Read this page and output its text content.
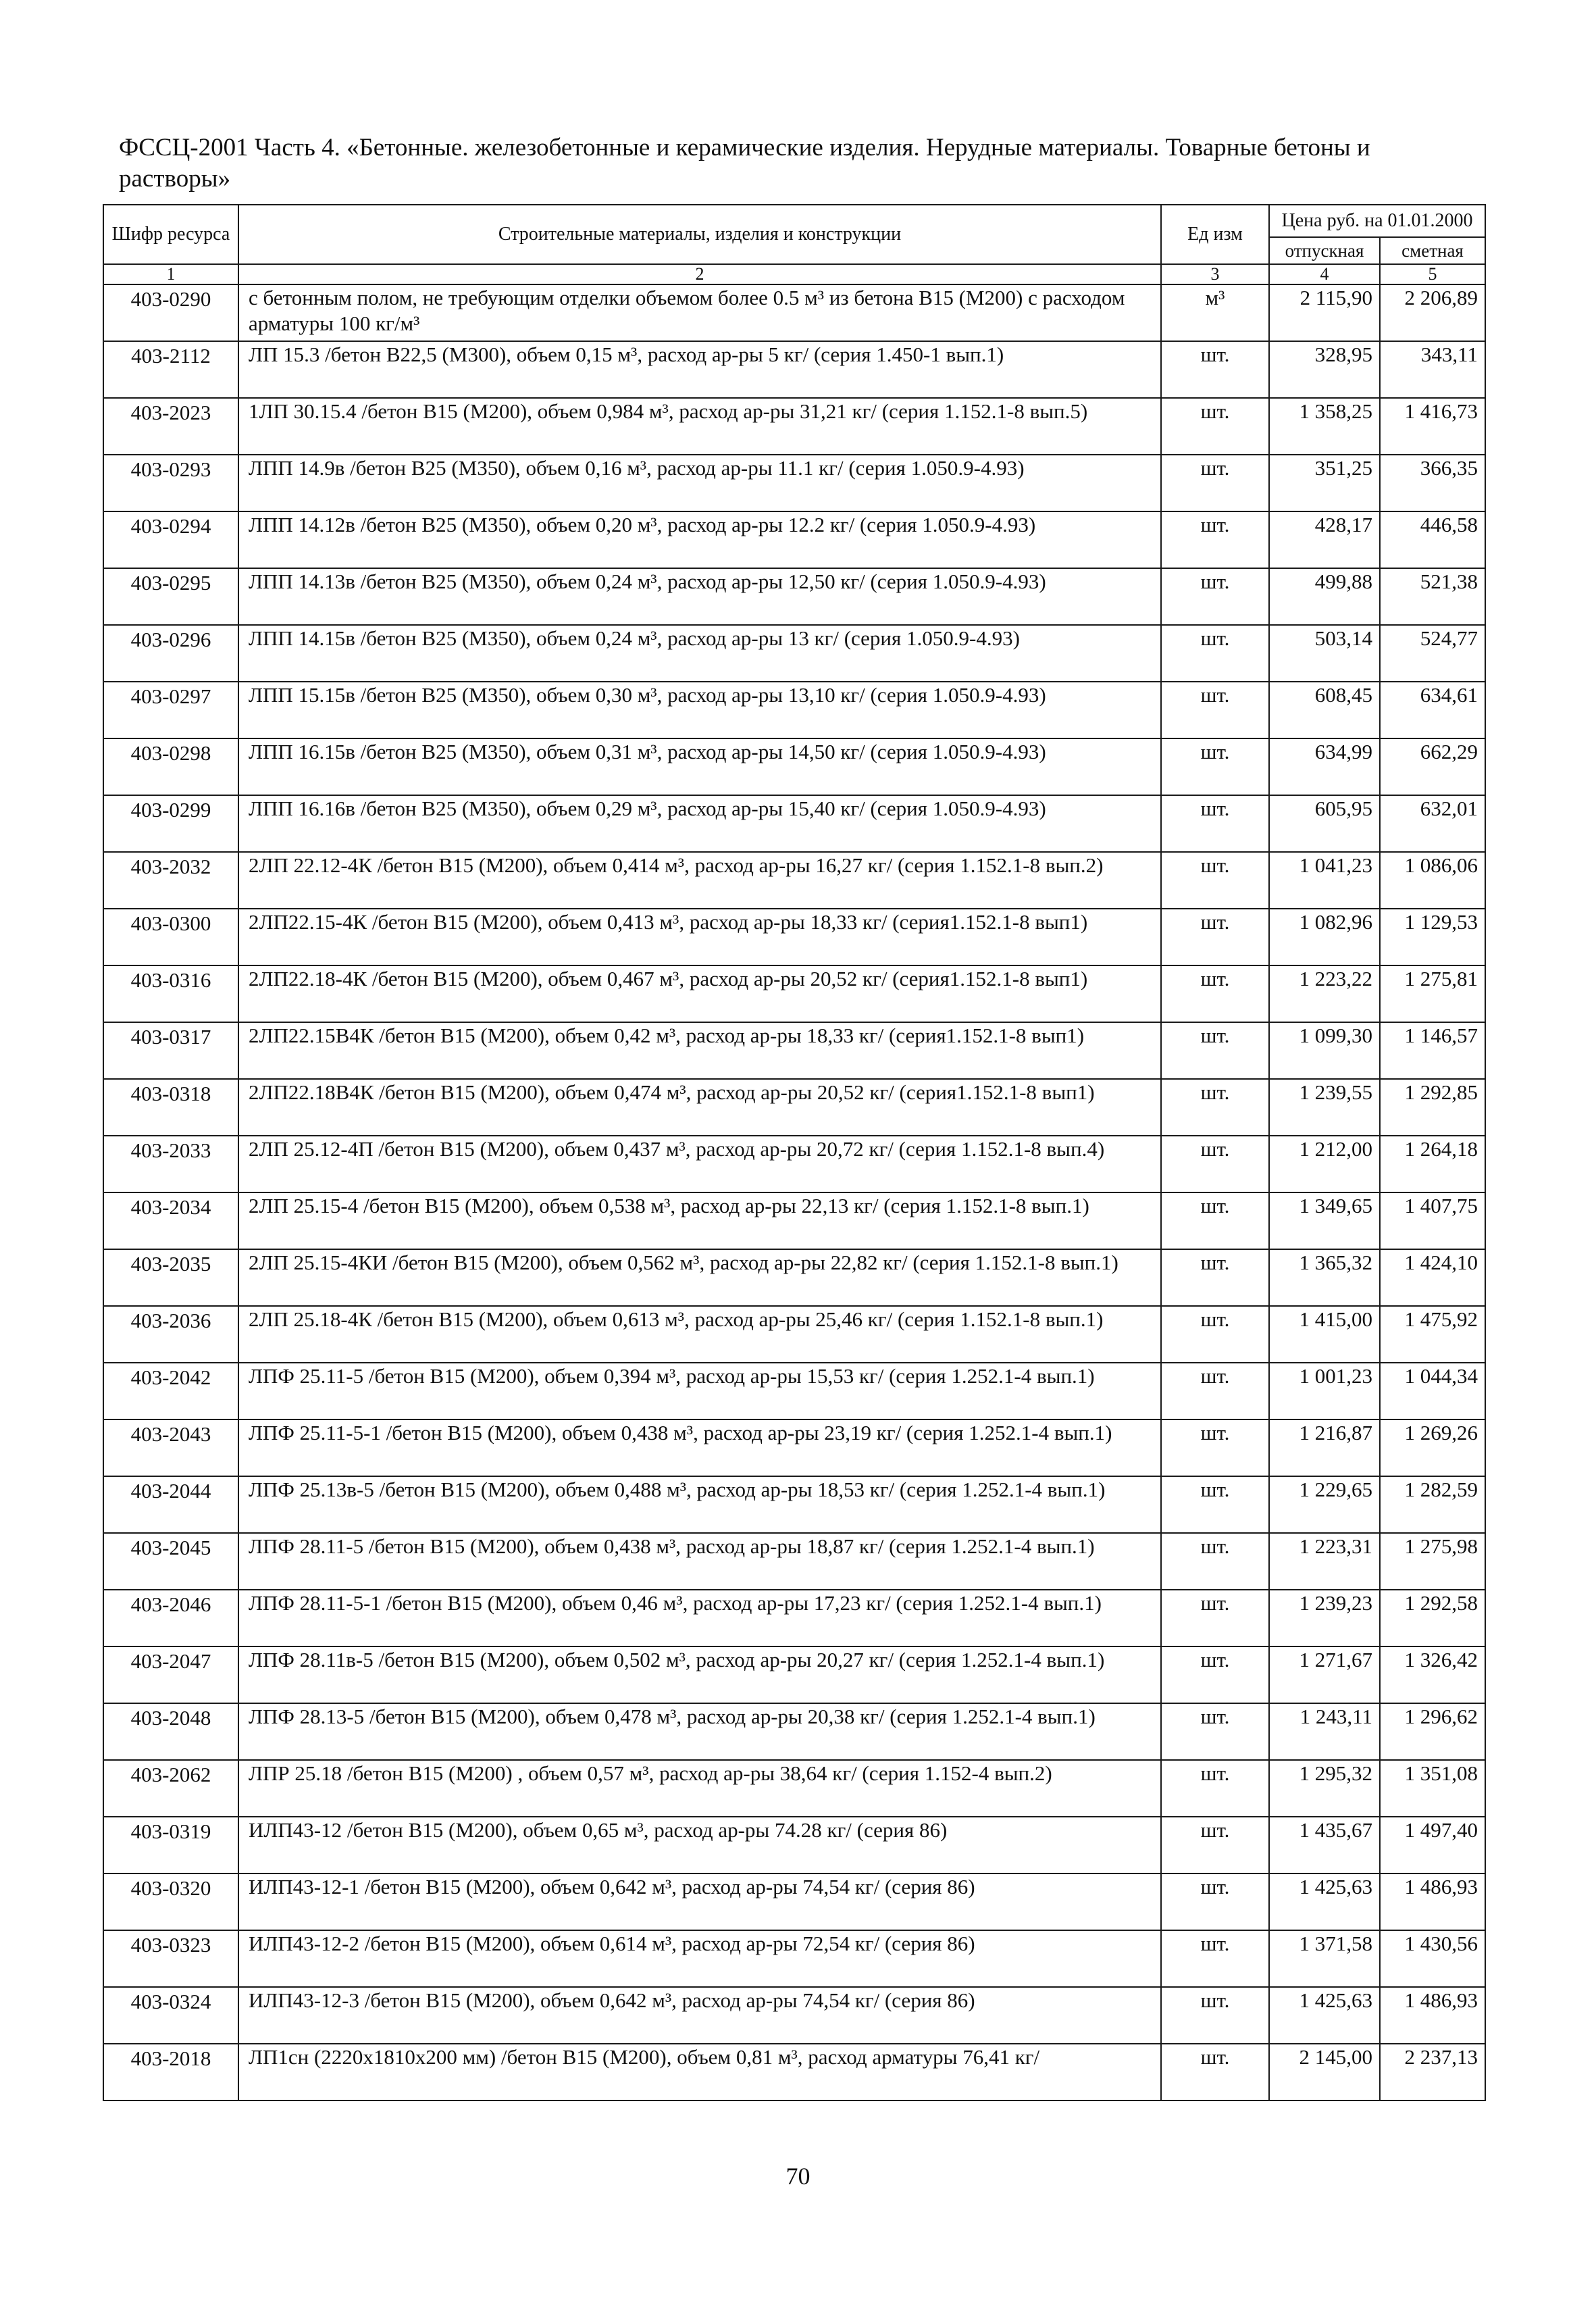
ФССЦ-2001 Часть 4. «Бетонные. железобетонные и керамические изделия. Нерудные материалы. Товарные бетоны и растворы»
Шифр ресурса	Строительные материалы, изделия и конструкции	Ед изм	Цена руб. на 01.01.2000	
			отпускная	сметная
1	2	3	4	5
403-0290	с бетонным полом, не требующим отделки объемом более 0.5 м³ из бетона В15 (М200) с расходом арматуры 100 кг/м³	м³	2 115,90	2 206,89
403-2112	ЛП 15.3 /бетон В22,5 (М300), объем 0,15 м³, расход ар-ры 5 кг/ (серия 1.450-1 вып.1)	шт.	328,95	343,11
403-2023	1ЛП 30.15.4 /бетон В15 (М200), объем 0,984 м³, расход ар-ры 31,21 кг/ (серия 1.152.1-8 вып.5)	шт.	1 358,25	1 416,73
403-0293	ЛПП 14.9в /бетон В25 (М350), объем 0,16 м³, расход ар-ры 11.1 кг/ (серия 1.050.9-4.93)	шт.	351,25	366,35
403-0294	ЛПП 14.12в /бетон В25 (М350), объем 0,20 м³, расход ар-ры 12.2 кг/ (серия 1.050.9-4.93)	шт.	428,17	446,58
403-0295	ЛПП 14.13в /бетон В25 (М350), объем 0,24 м³, расход ар-ры 12,50 кг/ (серия 1.050.9-4.93)	шт.	499,88	521,38
403-0296	ЛПП 14.15в /бетон В25 (М350), объем 0,24 м³, расход ар-ры 13 кг/ (серия 1.050.9-4.93)	шт.	503,14	524,77
403-0297	ЛПП 15.15в /бетон В25 (М350), объем 0,30 м³, расход ар-ры 13,10 кг/ (серия 1.050.9-4.93)	шт.	608,45	634,61
403-0298	ЛПП 16.15в /бетон В25 (М350), объем 0,31 м³, расход ар-ры 14,50 кг/ (серия 1.050.9-4.93)	шт.	634,99	662,29
403-0299	ЛПП 16.16в /бетон В25 (М350), объем 0,29 м³, расход ар-ры 15,40 кг/ (серия 1.050.9-4.93)	шт.	605,95	632,01
403-2032	2ЛП 22.12-4К /бетон В15 (М200), объем 0,414 м³, расход ар-ры 16,27 кг/ (серия 1.152.1-8 вып.2)	шт.	1 041,23	1 086,06
403-0300	2ЛП22.15-4К /бетон В15 (М200), объем 0,413 м³, расход ар-ры 18,33 кг/ (серия1.152.1-8 вып1)	шт.	1 082,96	1 129,53
403-0316	2ЛП22.18-4К /бетон В15 (М200), объем 0,467 м³, расход ар-ры 20,52 кг/ (серия1.152.1-8 вып1)	шт.	1 223,22	1 275,81
403-0317	2ЛП22.15В4К /бетон В15 (М200), объем 0,42 м³, расход ар-ры 18,33 кг/ (серия1.152.1-8 вып1)	шт.	1 099,30	1 146,57
403-0318	2ЛП22.18В4К /бетон В15 (М200), объем 0,474 м³, расход ар-ры 20,52 кг/ (серия1.152.1-8 вып1)	шт.	1 239,55	1 292,85
403-2033	2ЛП 25.12-4П /бетон В15 (М200), объем 0,437 м³, расход ар-ры 20,72 кг/ (серия 1.152.1-8 вып.4)	шт.	1 212,00	1 264,18
403-2034	2ЛП 25.15-4 /бетон В15 (М200), объем 0,538 м³, расход ар-ры 22,13 кг/ (серия 1.152.1-8 вып.1)	шт.	1 349,65	1 407,75
403-2035	2ЛП 25.15-4КИ /бетон В15 (М200), объем 0,562 м³, расход ар-ры 22,82 кг/ (серия 1.152.1-8 вып.1)	шт.	1 365,32	1 424,10
403-2036	2ЛП 25.18-4К /бетон В15 (М200), объем 0,613 м³, расход ар-ры 25,46 кг/ (серия 1.152.1-8 вып.1)	шт.	1 415,00	1 475,92
403-2042	ЛПФ 25.11-5 /бетон В15 (М200), объем 0,394 м³, расход ар-ры 15,53 кг/ (серия 1.252.1-4 вып.1)	шт.	1 001,23	1 044,34
403-2043	ЛПФ 25.11-5-1 /бетон В15 (М200), объем 0,438 м³, расход ар-ры 23,19 кг/ (серия 1.252.1-4 вып.1)	шт.	1 216,87	1 269,26
403-2044	ЛПФ 25.13в-5 /бетон В15 (М200), объем 0,488 м³, расход ар-ры 18,53 кг/ (серия 1.252.1-4 вып.1)	шт.	1 229,65	1 282,59
403-2045	ЛПФ 28.11-5 /бетон В15 (М200), объем 0,438 м³, расход ар-ры 18,87 кг/ (серия 1.252.1-4 вып.1)	шт.	1 223,31	1 275,98
403-2046	ЛПФ 28.11-5-1 /бетон В15 (М200), объем 0,46 м³, расход ар-ры 17,23 кг/ (серия 1.252.1-4 вып.1)	шт.	1 239,23	1 292,58
403-2047	ЛПФ 28.11в-5 /бетон В15 (М200), объем 0,502 м³, расход ар-ры 20,27 кг/ (серия 1.252.1-4 вып.1)	шт.	1 271,67	1 326,42
403-2048	ЛПФ 28.13-5 /бетон В15 (М200), объем 0,478 м³, расход ар-ры 20,38 кг/ (серия 1.252.1-4 вып.1)	шт.	1 243,11	1 296,62
403-2062	ЛПР 25.18 /бетон В15 (М200) , объем 0,57 м³, расход ар-ры 38,64 кг/ (серия 1.152-4 вып.2)	шт.	1 295,32	1 351,08
403-0319	ИЛП43-12 /бетон В15 (М200), объем 0,65 м³, расход ар-ры 74.28 кг/ (серия 86)	шт.	1 435,67	1 497,40
403-0320	ИЛП43-12-1 /бетон В15 (М200), объем 0,642 м³, расход ар-ры 74,54 кг/ (серия 86)	шт.	1 425,63	1 486,93
403-0323	ИЛП43-12-2 /бетон В15 (М200), объем 0,614 м³, расход ар-ры 72,54 кг/ (серия 86)	шт.	1 371,58	1 430,56
403-0324	ИЛП43-12-3 /бетон В15 (М200), объем 0,642 м³, расход ар-ры 74,54 кг/ (серия 86)	шт.	1 425,63	1 486,93
403-2018	ЛП1сн (2220х1810х200 мм) /бетон В15 (М200), объем 0,81 м³, расход арматуры 76,41 кг/	шт.	2 145,00	2 237,13
70
